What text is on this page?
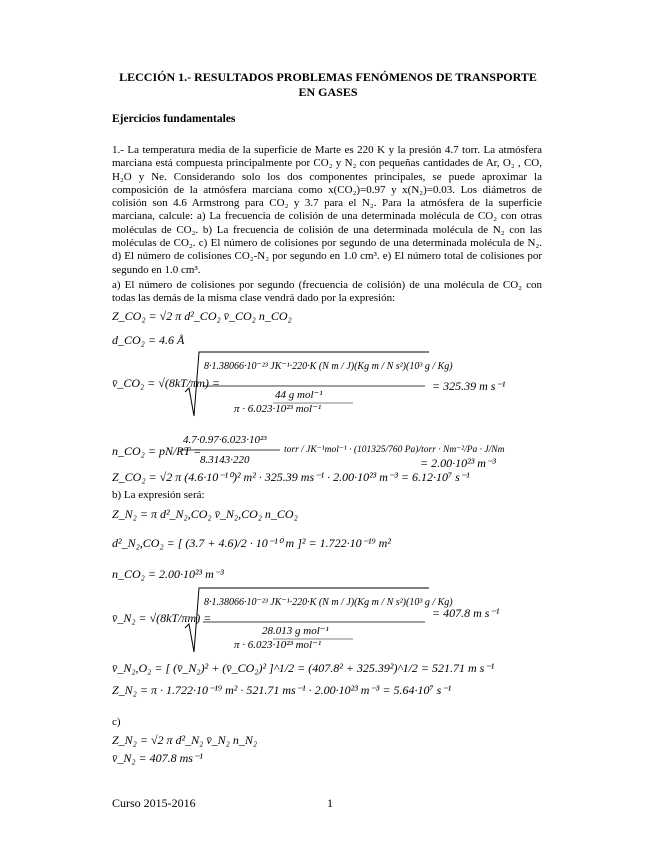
LECCIÓN 1.- RESULTADOS PROBLEMAS FENÓMENOS DE TRANSPORTE EN GASES
Ejercicios fundamentales
1.- La temperatura media de la superficie de Marte es 220 K y la presión 4.7 torr. La atmósfera marciana está compuesta principalmente por CO₂ y N₂ con pequeñas cantidades de Ar, O₂ , CO, H₂O y Ne. Considerando solo los dos componentes principales, se puede aproximar la composición de la atmósfera marciana como x(CO₂)=0.97 y x(N₂)=0.03. Los diámetros de colisión son 4.6 Armstrong para CO₂ y 3.7 para el N₂. Para la atmósfera de la superficie marciana, calcule: a) La frecuencia de colisión de una determinada molécula de CO₂ con otras moléculas de CO₂. b) La frecuencia de colisión de una determinada molécula de N₂ con las moléculas de CO₂. c) El número de colisiones por segundo de una determinada molécula de N₂. d) El número de colisiones CO₂-N₂ por segundo en 1.0 cm³. e) El número total de colisiones por segundo en 1.0 cm³.
a) El número de colisiones por segundo (frecuencia de colisión) de una molécula de CO₂ con todas las demás de la misma clase vendrá dado por la expresión:
Z_CO₂ = √2 π d²_CO₂ v̄_CO₂ n_CO₂
d_CO₂ = 4.6 Å
v̄_CO₂ = √(8kT/πm) =
8·1.38066·10⁻²³ JK⁻¹·220·K (N m / J)(Kg m / N s²)(10³ g / Kg)
44 g mol⁻¹
π · 6.023·10²³ mol⁻¹
= 325.39 m s⁻¹
n_CO₂ = pN/RT =
4.7·0.97·6.023·10²³
8.3143·220
torr / JK⁻¹mol⁻¹ · (101325/760 Pa)/torr · Nm⁻²/Pa · J/Nm
= 2.00·10²³ m⁻³
Z_CO₂ = √2 π (4.6·10⁻¹⁰)² m² · 325.39 ms⁻¹ · 2.00·10²³ m⁻³ = 6.12·10⁷ s⁻¹
b) La expresión será:
Z_N₂ = π d²_N₂,CO₂ v̄_N₂,CO₂ n_CO₂
d²_N₂,CO₂ = [ (3.7 + 4.6)/2 · 10⁻¹⁰ m ]² = 1.722·10⁻¹⁹ m²
n_CO₂ = 2.00·10²³ m⁻³
v̄_N₂ = √(8kT/πm) =
8·1.38066·10⁻²³ JK⁻¹·220·K (N m / J)(Kg m / N s²)(10³ g / Kg)
28.013 g mol⁻¹
π · 6.023·10²³ mol⁻¹
= 407.8 m s⁻¹
v̄_N₂,O₂ = [ (v̄_N₂)² + (v̄_CO₂)² ]^1/2 = (407.8² + 325.39²)^1/2 = 521.71 m s⁻¹
Z_N₂ = π · 1.722·10⁻¹⁹ m² · 521.71 ms⁻¹ · 2.00·10²³ m⁻³ = 5.64·10⁷ s⁻¹
c)
Z_N₂ = √2 π d²_N₂ v̄_N₂ n_N₂
v̄_N₂ = 407.8 ms⁻¹
Curso 2015-2016	1
